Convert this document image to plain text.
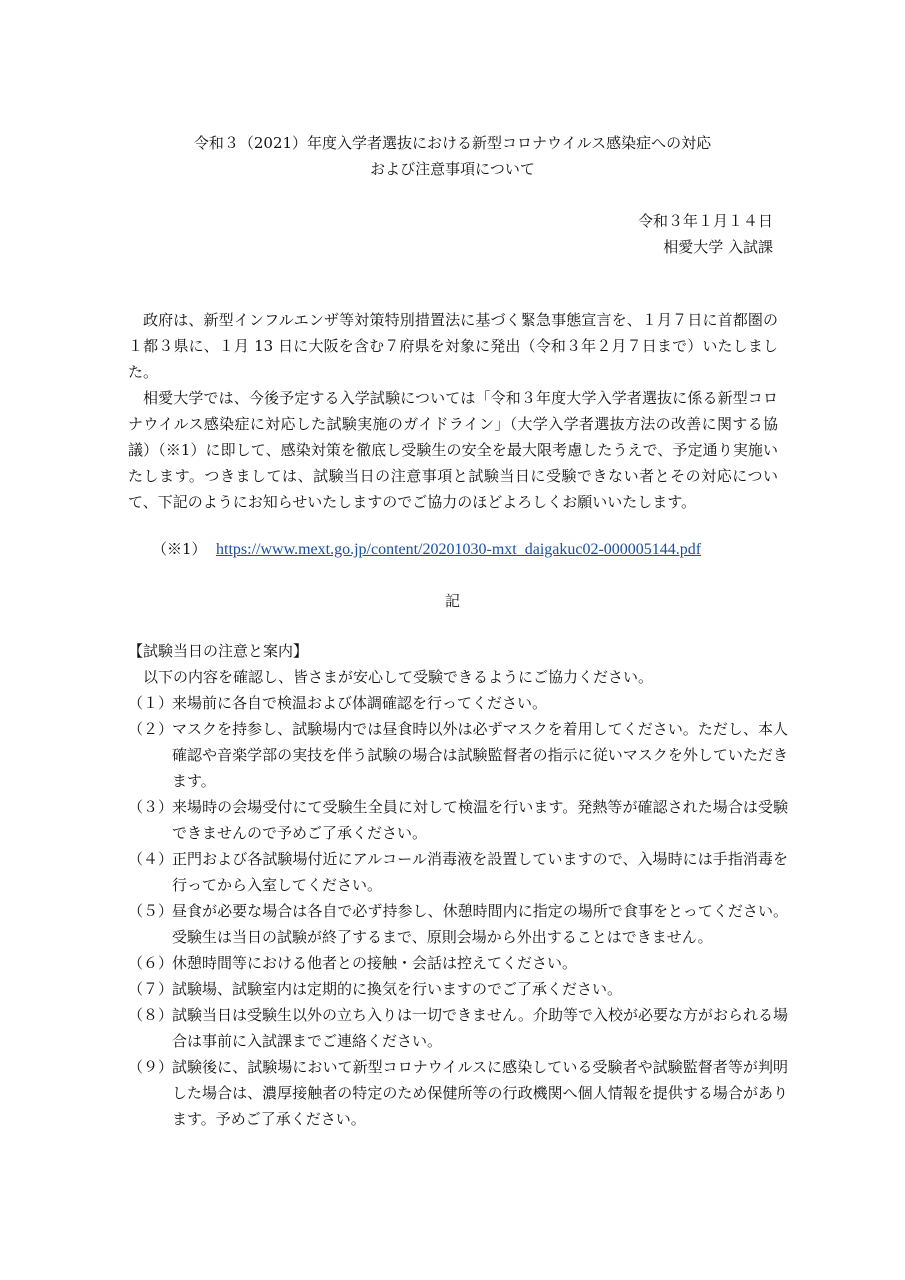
令和３（2021）年度入学者選抜における新型コロナウイルス感染症への対応
および注意事項について
令和３年１月１４日
相愛大学 入試課

政府は、新型インフルエンザ等対策特別措置法に基づく緊急事態宣言を、１月７日に首都圏の１都３県に、１月 13 日に大阪を含む７府県を対象に発出（令和３年２月７日まで）いたしました。

相愛大学では、今後予定する入学試験については「令和３年度大学入学者選抜に係る新型コロナウイルス感染症に対応した試験実施のガイドライン」（大学入学者選抜方法の改善に関する協議）（※1）に即して、感染対策を徹底し受験生の安全を最大限考慮したうえで、予定通り実施いたします。つきましては、試験当日の注意事項と試験当日に受験できない者とその対応について、下記のようにお知らせいたしますのでご協力のほどよろしくお願いいたします。

（※1） https://www.mext.go.jp/content/20201030-mxt_daigakuc02-000005144.pdf
記
【試験当日の注意と案内】
以下の内容を確認し、皆さまが安心して受験できるようにご協力ください。
（１）
来場前に各自で検温および体調確認を行ってください。
（２）
マスクを持参し、試験場内では昼食時以外は必ずマスクを着用してください。ただし、本人確認や音楽学部の実技を伴う試験の場合は試験監督者の指示に従いマスクを外していただきます。
（３）
来場時の会場受付にて受験生全員に対して検温を行います。発熱等が確認された場合は受験できませんので予めご了承ください。
（４）
正門および各試験場付近にアルコール消毒液を設置していますので、入場時には手指消毒を行ってから入室してください。
（５）
昼食が必要な場合は各自で必ず持参し、休憩時間内に指定の場所で食事をとってください。受験生は当日の試験が終了するまで、原則会場から外出することはできません。
（６）
休憩時間等における他者との接触・会話は控えてください。
（７）
試験場、試験室内は定期的に換気を行いますのでご了承ください。
（８）
試験当日は受験生以外の立ち入りは一切できません。介助等で入校が必要な方がおられる場合は事前に入試課までご連絡ください。
（９）
試験後に、試験場において新型コロナウイルスに感染している受験者や試験監督者等が判明した場合は、濃厚接触者の特定のため保健所等の行政機関へ個人情報を提供する場合があります。予めご了承ください。
